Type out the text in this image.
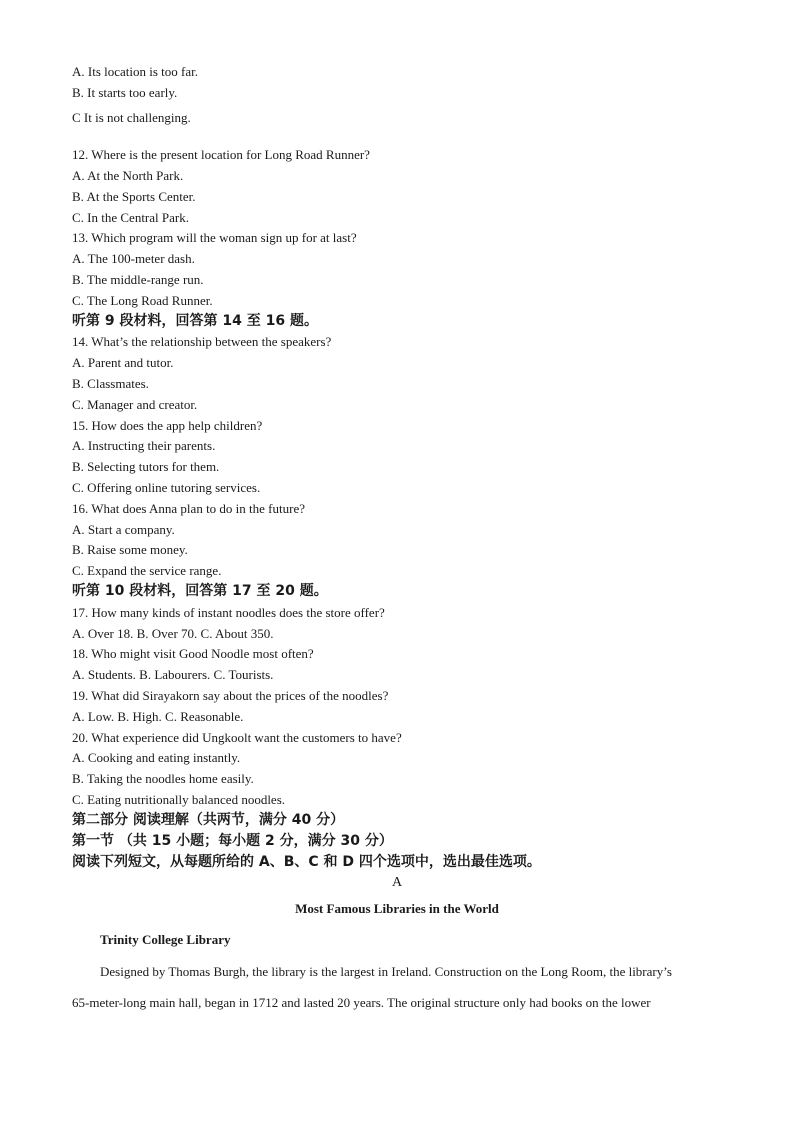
A. Its location is too far.
B. It starts too early.
C It is not challenging.
12. Where is the present location for Long Road Runner?
A. At the North Park.
B. At the Sports Center.
C. In the Central Park.
13. Which program will the woman sign up for at last?
A. The 100-meter dash.
B. The middle-range run.
C. The Long Road Runner.
听第 9 段材料，回答第 14 至 16 题。
14. What’s the relationship between the speakers?
A. Parent and tutor.
B. Classmates.
C. Manager and creator.
15. How does the app help children?
A. Instructing their parents.
B. Selecting tutors for them.
C. Offering online tutoring services.
16. What does Anna plan to do in the future?
A. Start a company.
B. Raise some money.
C. Expand the service range.
听第 10 段材料，回答第 17 至 20 题。
17. How many kinds of instant noodles does the store offer?
A. Over 18. B. Over 70. C. About 350.
18. Who might visit Good Noodle most often?
A. Students. B. Labourers. C. Tourists.
19. What did Sirayakorn say about the prices of the noodles?
A. Low. B. High. C. Reasonable.
20. What experience did Ungkoolt want the customers to have?
A. Cooking and eating instantly.
B. Taking the noodles home easily.
C. Eating nutritionally balanced noodles.
第二部分 阅读理解（共两节，满分 40 分）
第一节 （共 15 小题；每小题 2 分，满分 30 分）
阅读下列短文，从每题所给的 A、B、C 和 D 四个选项中，选出最佳选项。
A
Most Famous Libraries in the World
Trinity College Library
Designed by Thomas Burgh, the library is the largest in Ireland. Construction on the Long Room, the library’s
65-meter-long main hall, began in 1712 and lasted 20 years. The original structure only had books on the lower
